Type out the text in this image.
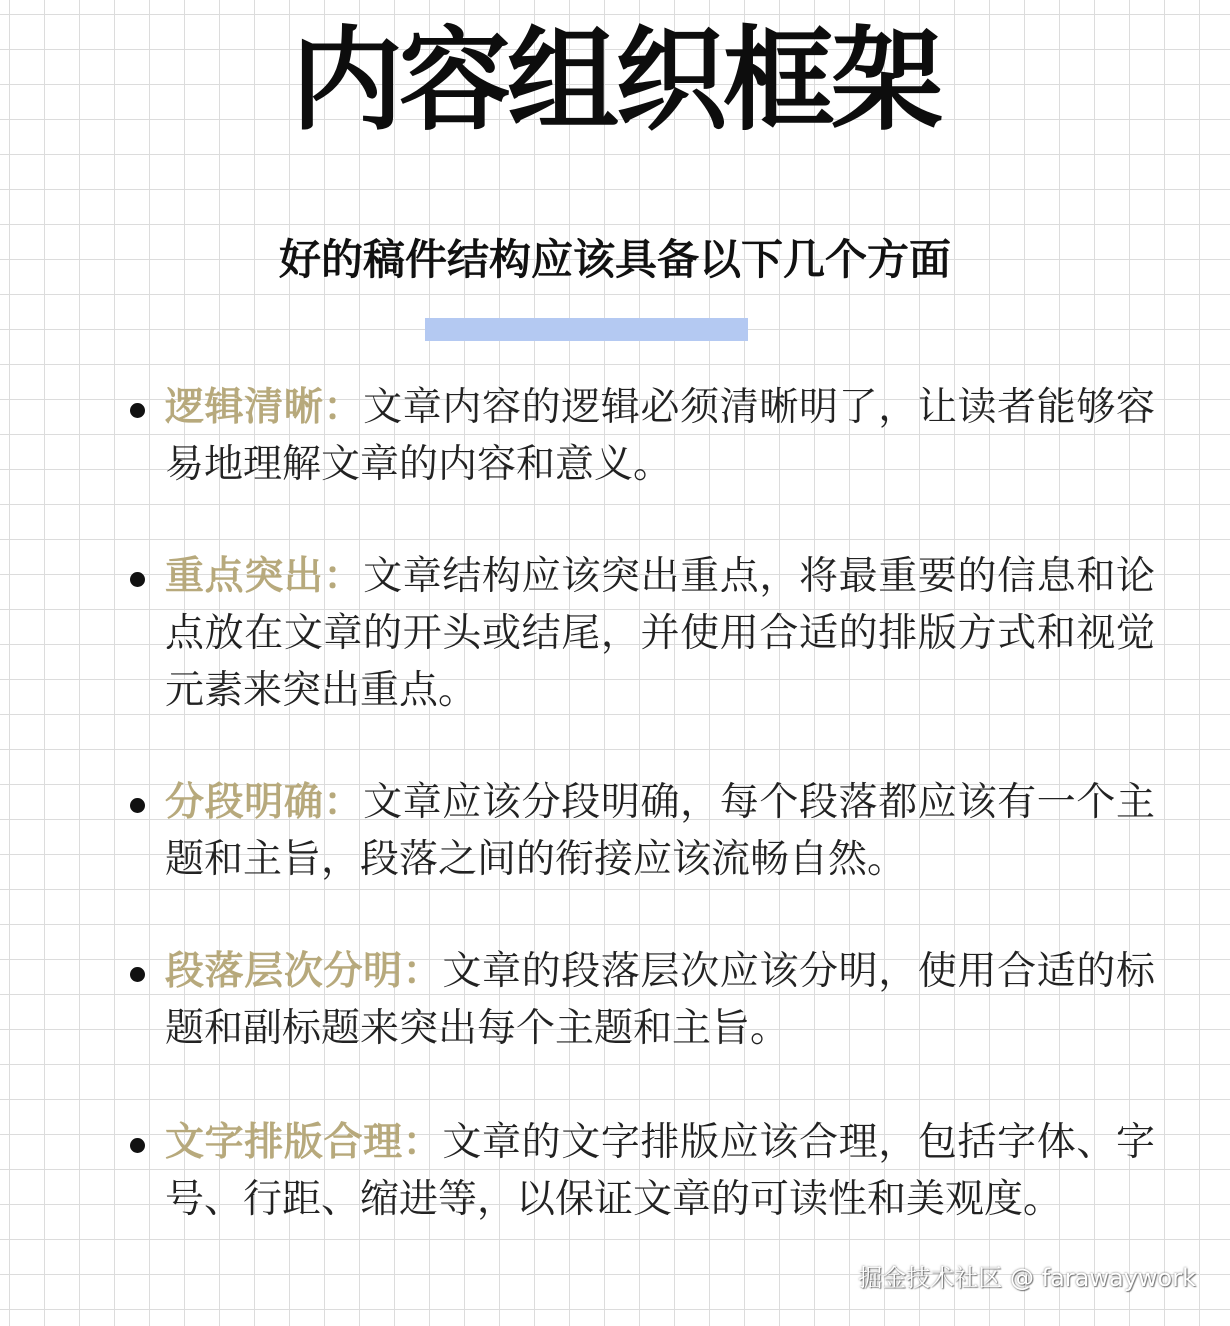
内容组织框架
好的稿件结构应该具备以下几个方面
逻辑清晰：文章内容的逻辑必须清晰明了，让读者能够容易地理解文章的内容和意义。
重点突出：文章结构应该突出重点，将最重要的信息和论点放在文章的开头或结尾，并使用合适的排版方式和视觉元素来突出重点。
分段明确：文章应该分段明确，每个段落都应该有一个主题和主旨，段落之间的衔接应该流畅自然。
段落层次分明：文章的段落层次应该分明，使用合适的标题和副标题来突出每个主题和主旨。
文字排版合理：文章的文字排版应该合理，包括字体、字号、行距、缩进等，以保证文章的可读性和美观度。
掘金技术社区 @ farawaywork
